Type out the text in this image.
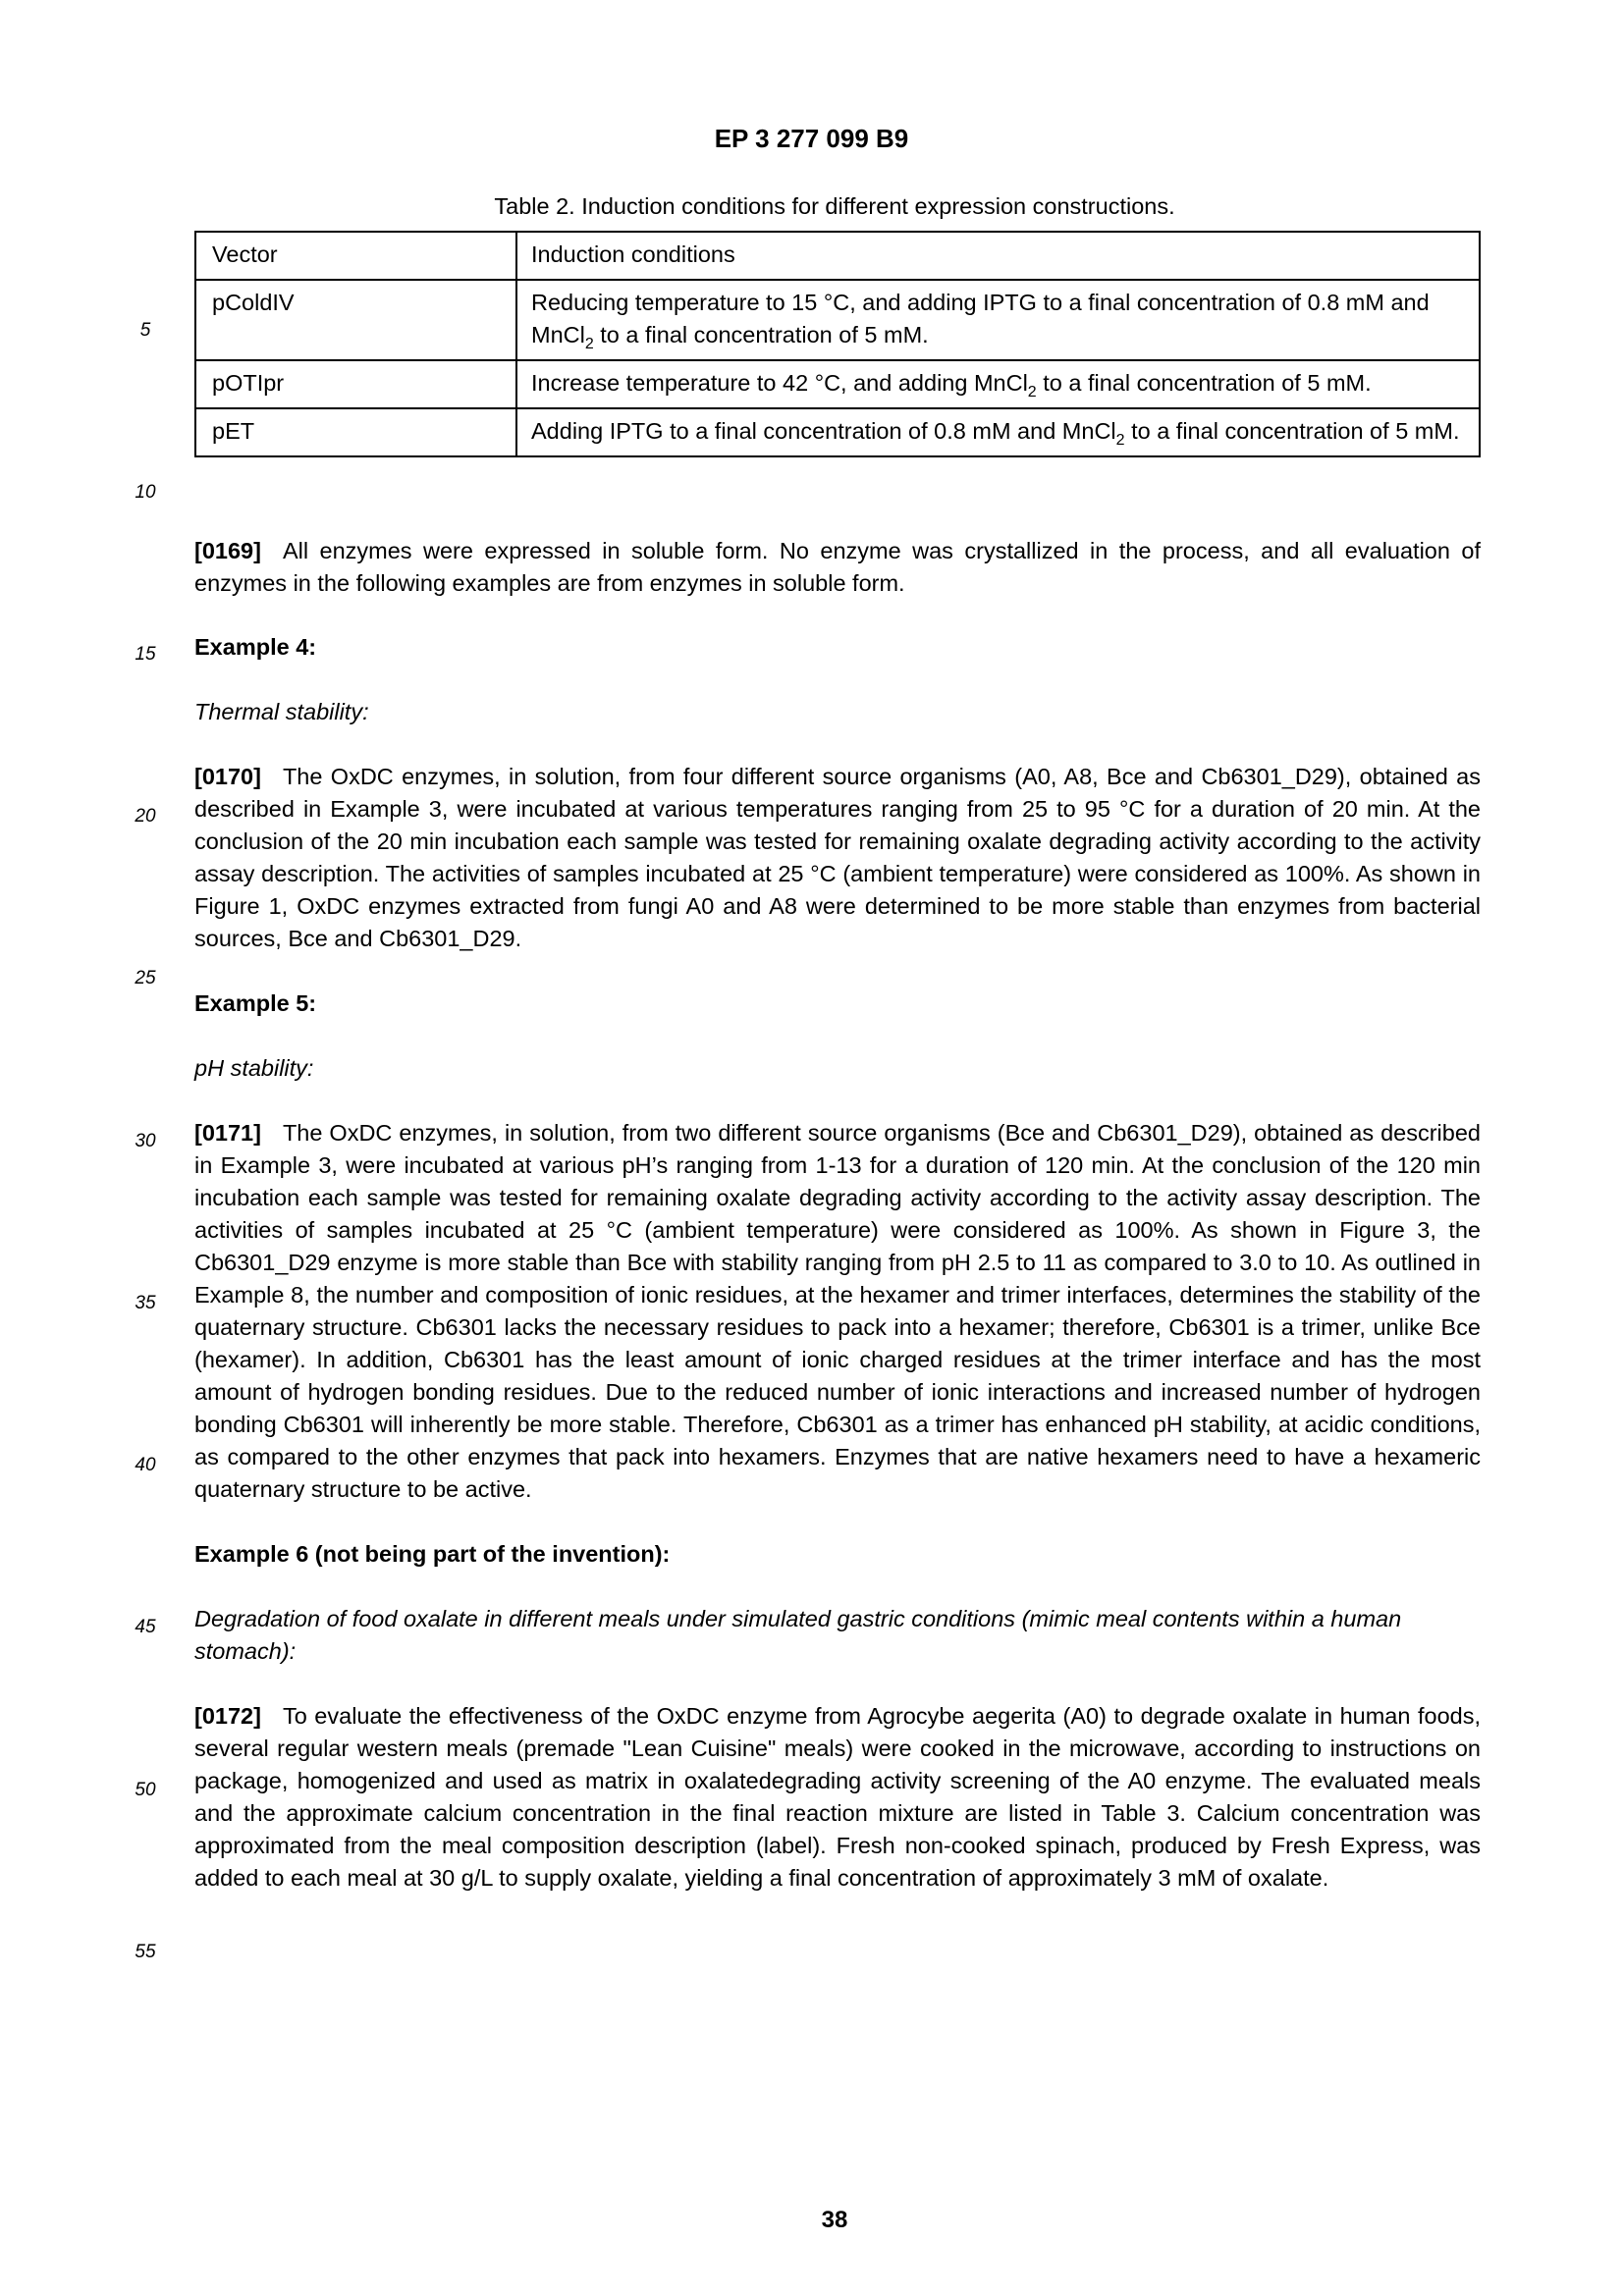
EP 3 277 099 B9
5
10
15
20
25
30
35
40
45
50
55
Table 2. Induction conditions for different expression constructions.
Vector	Induction conditions
pColdIV	Reducing temperature to 15 °C, and adding IPTG to a final concentration of 0.8 mM and MnCl$_2$ to a final concentration of 5 mM.
pOTIpr	Increase temperature to 42 °C, and adding MnCl$_2$ to a final concentration of 5 mM.
pET	Adding IPTG to a final concentration of 0.8 mM and MnCl$_2$ to a final concentration of 5 mM.

[0169] All enzymes were expressed in soluble form. No enzyme was crystallized in the process, and all evaluation of enzymes in the following examples are from enzymes in soluble form.

Example 4:
Thermal stability:

[0170] The OxDC enzymes, in solution, from four different source organisms (A0, A8, Bce and Cb6301_D29), obtained as described in Example 3, were incubated at various temperatures ranging from 25 to 95 °C for a duration of 20 min. At the conclusion of the 20 min incubation each sample was tested for remaining oxalate degrading activity according to the activity assay description. The activities of samples incubated at 25 °C (ambient temperature) were considered as 100%. As shown in Figure 1, OxDC enzymes extracted from fungi A0 and A8 were determined to be more stable than enzymes from bacterial sources, Bce and Cb6301_D29.

Example 5:
pH stability:

[0171] The OxDC enzymes, in solution, from two different source organisms (Bce and Cb6301_D29), obtained as described in Example 3, were incubated at various pH’s ranging from 1-13 for a duration of 120 min. At the conclusion of the 120 min incubation each sample was tested for remaining oxalate degrading activity according to the activity assay description. The activities of samples incubated at 25 °C (ambient temperature) were considered as 100%. As shown in Figure 3, the Cb6301_D29 enzyme is more stable than Bce with stability ranging from pH 2.5 to 11 as compared to 3.0 to 10. As outlined in Example 8, the number and composition of ionic residues, at the hexamer and trimer interfaces, determines the stability of the quaternary structure. Cb6301 lacks the necessary residues to pack into a hexamer; therefore, Cb6301 is a trimer, unlike Bce (hexamer). In addition, Cb6301 has the least amount of ionic charged residues at the trimer interface and has the most amount of hydrogen bonding residues. Due to the reduced number of ionic interactions and increased number of hydrogen bonding Cb6301 will inherently be more stable. Therefore, Cb6301 as a trimer has enhanced pH stability, at acidic conditions, as compared to the other enzymes that pack into hexamers. Enzymes that are native hexamers need to have a hexameric quaternary structure to be active.

Example 6 (not being part of the invention):
Degradation of food oxalate in different meals under simulated gastric conditions (mimic meal contents within a human stomach):

[0172] To evaluate the effectiveness of the OxDC enzyme from Agrocybe aegerita (A0) to degrade oxalate in human foods, several regular western meals (premade "Lean Cuisine" meals) were cooked in the microwave, according to instructions on package, homogenized and used as matrix in oxalatedegrading activity screening of the A0 enzyme. The evaluated meals and the approximate calcium concentration in the final reaction mixture are listed in Table 3. Calcium concentration was approximated from the meal composition description (label). Fresh non-cooked spinach, produced by Fresh Express, was added to each meal at 30 g/L to supply oxalate, yielding a final concentration of approximately 3 mM of oxalate.

38
